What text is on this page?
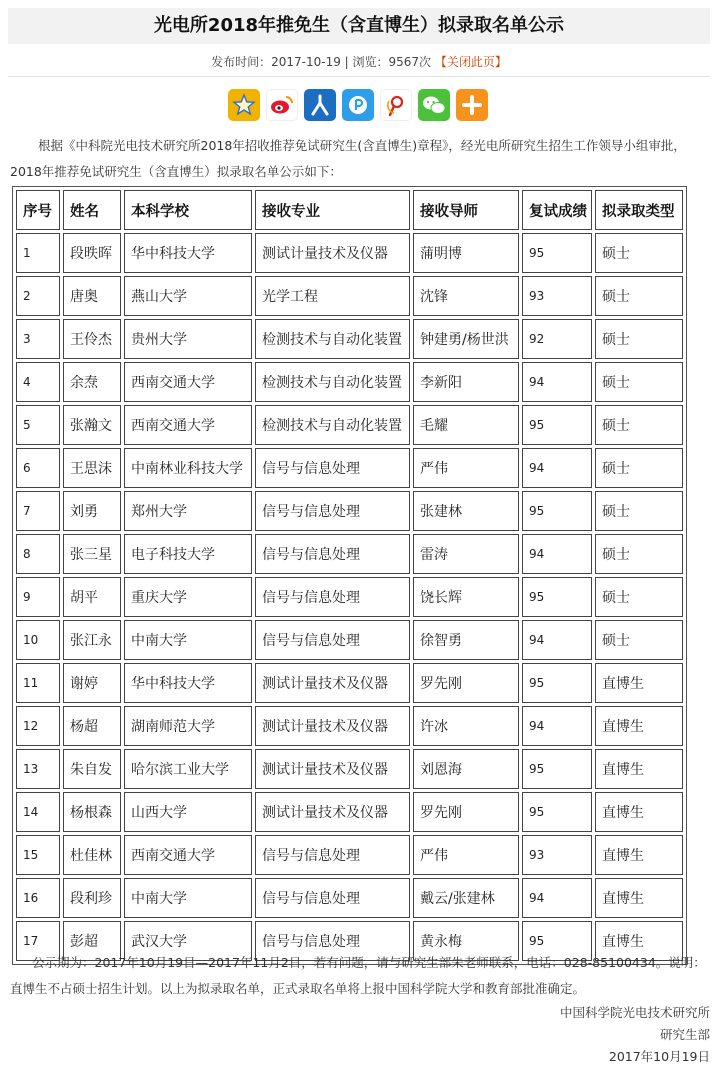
光电所2018年推免生（含直博生）拟录取名单公示
发布时间：2017-10-19 | 浏览：9567次 【关闭此页】
根据《中科院光电技术研究所2018年招收推荐免试研究生(含直博生)章程》，经光电所研究生招生工作领导小组审批，2018年推荐免试研究生（含直博生）拟录取名单公示如下：
序号	姓名	本科学校	接收专业	接收导师	复试成绩	拟录取类型
1	段昳晖	华中科技大学	测试计量技术及仪器	蒲明博	95	硕士
2	唐奥	燕山大学	光学工程	沈锋	93	硕士
3	王伶杰	贵州大学	检测技术与自动化装置	钟建勇/杨世洪	92	硕士
4	余焘	西南交通大学	检测技术与自动化装置	李新阳	94	硕士
5	张瀚文	西南交通大学	检测技术与自动化装置	毛耀	95	硕士
6	王思沫	中南林业科技大学	信号与信息处理	严伟	94	硕士
7	刘勇	郑州大学	信号与信息处理	张建林	95	硕士
8	张三星	电子科技大学	信号与信息处理	雷涛	94	硕士
9	胡平	重庆大学	信号与信息处理	饶长辉	95	硕士
10	张江永	中南大学	信号与信息处理	徐智勇	94	硕士
11	谢婷	华中科技大学	测试计量技术及仪器	罗先刚	95	直博生
12	杨超	湖南师范大学	测试计量技术及仪器	许冰	94	直博生
13	朱自发	哈尔滨工业大学	测试计量技术及仪器	刘恩海	95	直博生
14	杨根森	山西大学	测试计量技术及仪器	罗先刚	95	直博生
15	杜佳林	西南交通大学	信号与信息处理	严伟	93	直博生
16	段利珍	中南大学	信号与信息处理	戴云/张建林	94	直博生
17	彭超	武汉大学	信号与信息处理	黄永梅	95	直博生
公示期为：2017年10月19日—2017年11月2日，若有问题，请与研究生部朱老师联系，电话：028-85100434。说明：直博生不占硕士招生计划。以上为拟录取名单，正式录取名单将上报中国科学院大学和教育部批准确定。
中国科学院光电技术研究所
研究生部
2017年10月19日
